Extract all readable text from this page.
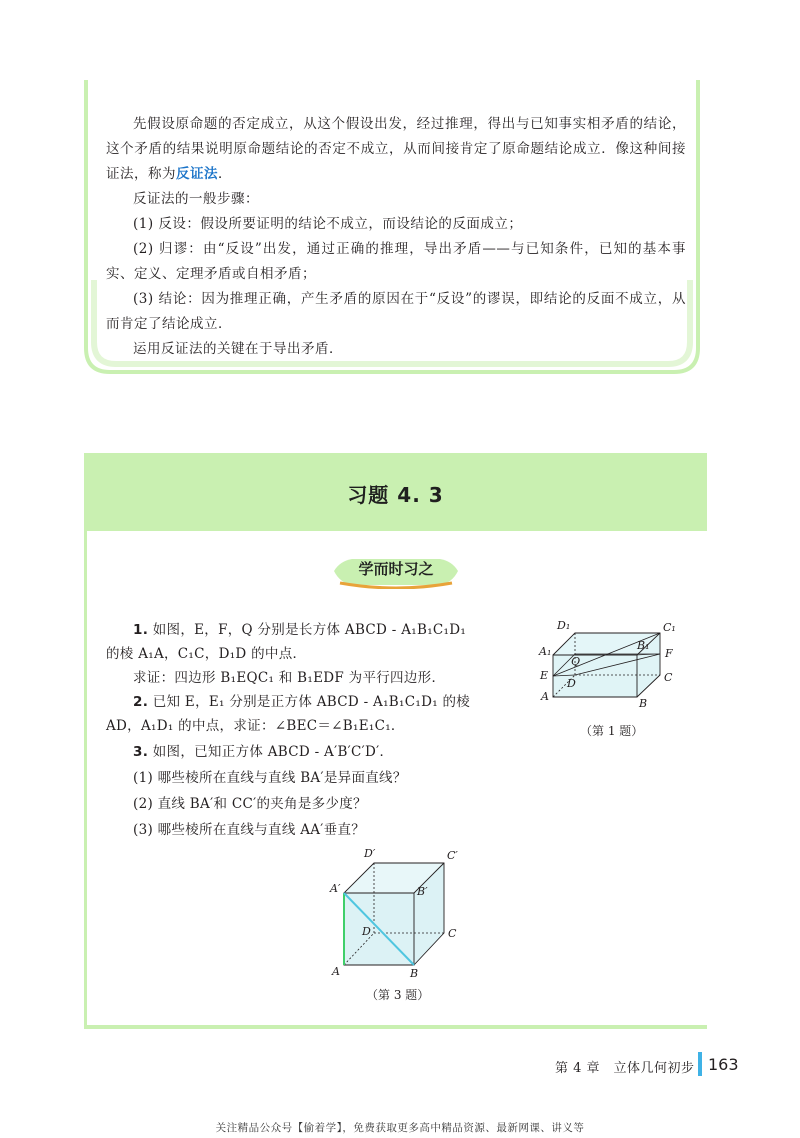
先假设原命题的否定成立，从这个假设出发，经过推理，得出与已知事实相矛盾的结论，这个矛盾的结果说明原命题结论的否定不成立，从而间接肯定了原命题结论成立．像这种间接证法，称为反证法．

反证法的一般步骤：

(1) 反设：假设所要证明的结论不成立，而设结论的反面成立；

(2) 归谬：由“反设”出发，通过正确的推理，导出矛盾——与已知条件，已知的基本事实、定义、定理矛盾或自相矛盾；

(3) 结论：因为推理正确，产生矛盾的原因在于“反设”的谬误，即结论的反面不成立，从而肯定了结论成立．

运用反证法的关键在于导出矛盾．

习题 4. 3
学而时习之

1. 如图，E，F，Q 分别是长方体 ABCD - A₁B₁C₁D₁

的棱 A₁A，C₁C，D₁D 的中点．

求证：四边形 B₁EQC₁ 和 B₁EDF 为平行四边形．

2. 已知 E，E₁ 分别是正方体 ABCD - A₁B₁C₁D₁ 的棱

AD，A₁D₁ 的中点，求证：∠BEC＝∠B₁E₁C₁．

3. 如图，已知正方体 ABCD - A′B′C′D′．

(1) 哪些棱所在直线与直线 BA′是异面直线？

(2) 直线 BA′和 CC′的夹角是多少度？

(3) 哪些棱所在直线与直线 AA′垂直？

D₁	C₁
A₁	B₁
Q
F
E
D	C
A
B
（第 1 题）
D′	C′
A′	B′
D	C
A	B
（第 3 题）
第 4 章　立体几何初步 163
关注精品公众号【偷着学】，免费获取更多高中精品资源、最新网课、讲义等
